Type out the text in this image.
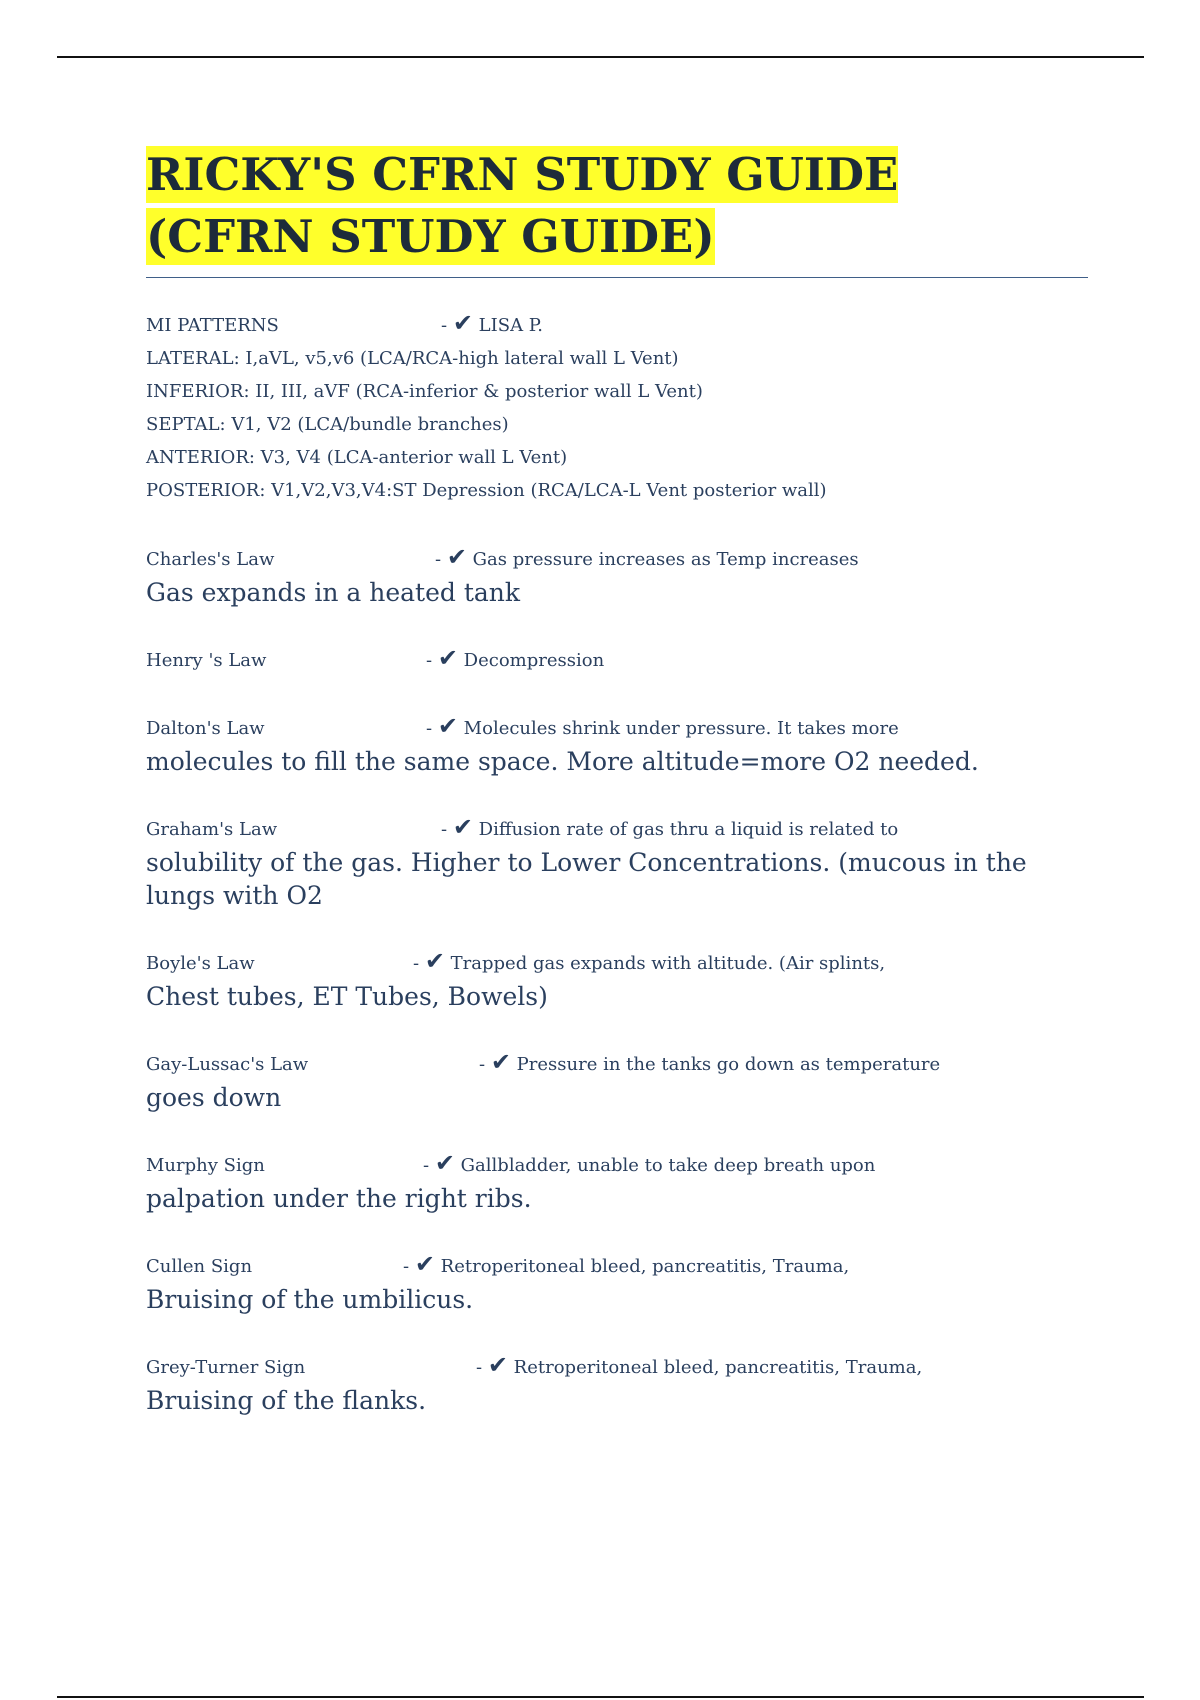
RICKY'S CFRN STUDY GUIDE (CFRN STUDY GUIDE)
MI PATTERNS	- ✔ LISA P.
LATERAL: I,aVL, v5,v6 (LCA/RCA-high lateral wall L Vent)
INFERIOR: II, III, aVF (RCA-inferior & posterior wall L Vent)
SEPTAL: V1, V2 (LCA/bundle branches)
ANTERIOR: V3, V4 (LCA-anterior wall L Vent)
POSTERIOR: V1,V2,V3,V4:ST Depression (RCA/LCA-L Vent posterior wall)
Charles's Law	- ✔ Gas pressure increases as Temp increases
Gas expands in a heated tank
Henry 's Law	- ✔ Decompression
Dalton's Law	- ✔ Molecules shrink under pressure. It takes more
molecules to fill the same space. More altitude=more O2 needed.
Graham's Law	- ✔ Diffusion rate of gas thru a liquid is related to
solubility of the gas. Higher to Lower Concentrations. (mucous in the lungs with O2
Boyle's Law	- ✔ Trapped gas expands with altitude. (Air splints,
Chest tubes, ET Tubes, Bowels)
Gay-Lussac's Law	- ✔ Pressure in the tanks go down as temperature
goes down
Murphy Sign	- ✔ Gallbladder, unable to take deep breath upon
palpation under the right ribs.
Cullen Sign	- ✔ Retroperitoneal bleed, pancreatitis, Trauma,
Bruising of the umbilicus.
Grey-Turner Sign	- ✔ Retroperitoneal bleed, pancreatitis, Trauma,
Bruising of the flanks.
